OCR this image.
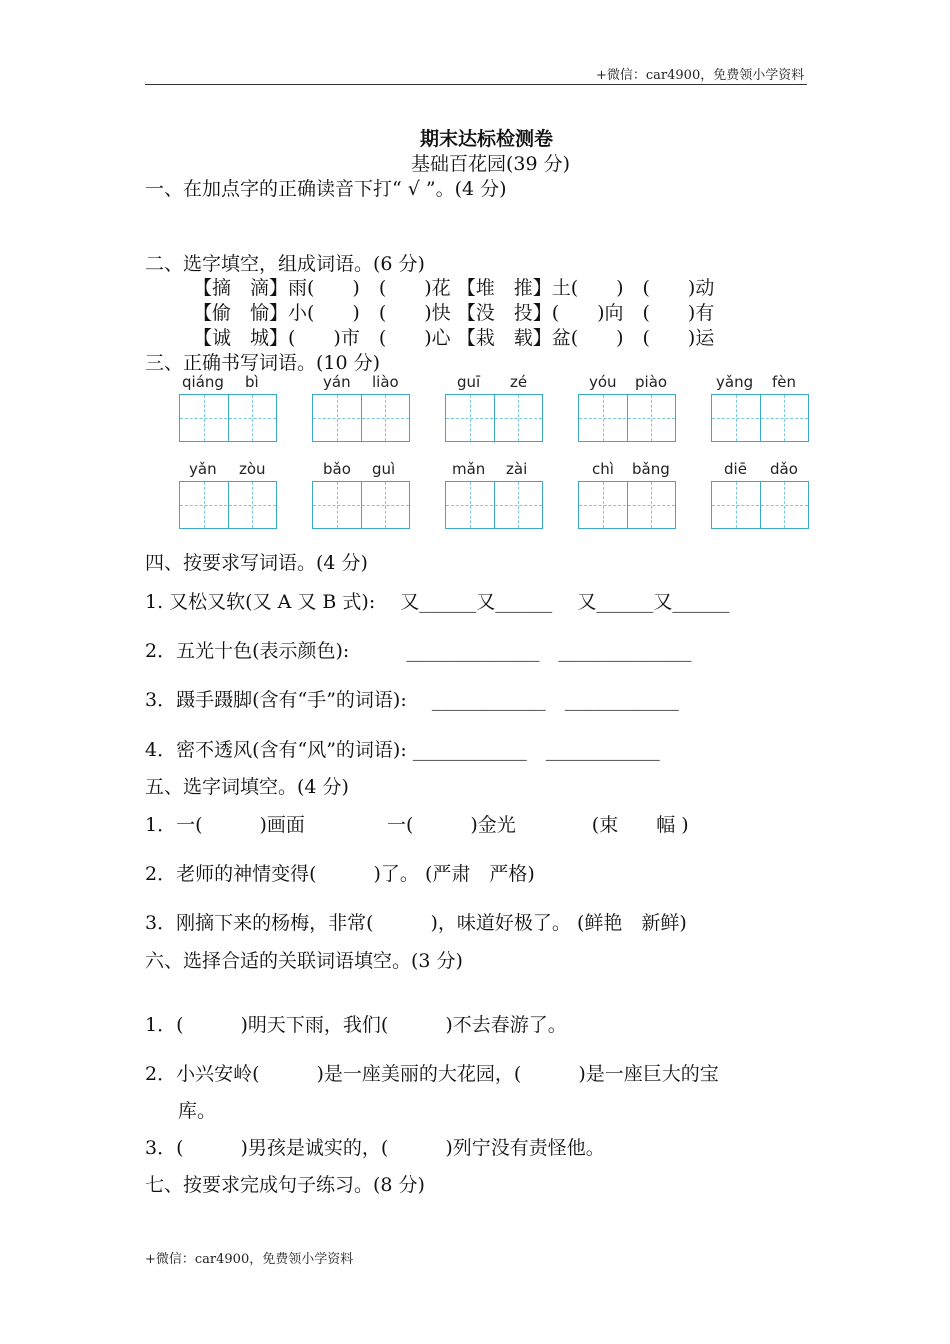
+微信：car4900，免费领小学资料
期末达标检测卷
基础百花园(39 分)
一、在加点字的正确读音下打“ √ ”。(4 分)
二、选字填空，组成词语。(6 分)
【摘　滴】雨(　　)　(　　)花 【堆　推】土(　　)　(　　)动
【偷　愉】小(　　)　(　　)快 【没　投】(　　)向　(　　)有
【诚　城】(　　)市　(　　)心 【栽　载】盆(　　)　(　　)运
三、正确书写词语。(10 分)
qiáng bì	yán liào	guī zé	yóu piào	yǎng fèn
yǎn zòu	bǎo guì	mǎn zài	chì bǎng	diē dǎo
四、按要求写词语。(4 分)
1. 又松又软(又 A 又 B 式):　 又______又______　 又______又______
2．五光十色(表示颜色):　　　______________　______________
3．蹑手蹑脚(含有“手”的词语):　 ____________　____________
4．密不透风(含有“风”的词语): ____________　____________
五、选字词填空。(4 分)
1．一(　　　)画面　　　　 一(　　　)金光　　　　(束　　幅 )
2．老师的神情变得(　　　)了。 (严肃　严格)
3．刚摘下来的杨梅，非常(　　　)，味道好极了。 (鲜艳　新鲜)
六、选择合适的关联词语填空。(3 分)
1．(　　　)明天下雨，我们(　　　)不去春游了。
2．小兴安岭(　　　)是一座美丽的大花园，(　　　)是一座巨大的宝
库。
3．(　　　)男孩是诚实的，(　　　)列宁没有责怪他。
七、按要求完成句子练习。(8 分)
+微信：car4900，免费领小学资料
